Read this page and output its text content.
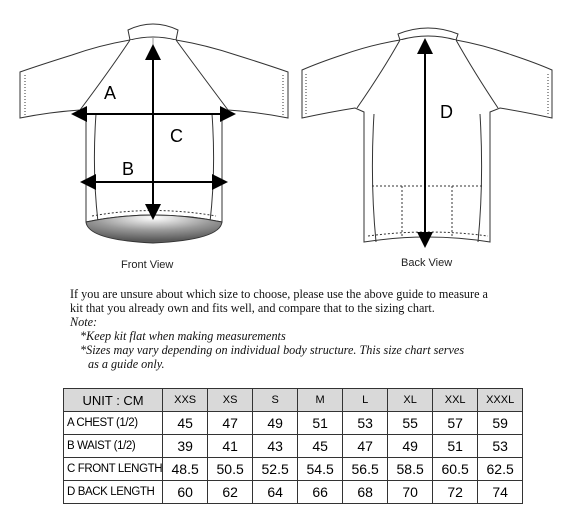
A
C
B
D
Front View	Back View
If you are unsure about which size to choose, please use the above guide to measure a
kit that you already own and fits well, and compare that to the sizing chart.
Note:
*Keep kit flat when making measurements
*Sizes may vary depending on individual body structure. This size chart serves
as a guide only.
UNIT : CM	XXS	XS	S	M	L	XL	XXL	XXXL
A CHEST (1/2)	45	47	49	51	53	55	57	59
B WAIST (1/2)	39	41	43	45	47	49	51	53
C FRONT LENGTH	48.5	50.5	52.5	54.5	56.5	58.5	60.5	62.5
D BACK LENGTH	60	62	64	66	68	70	72	74
